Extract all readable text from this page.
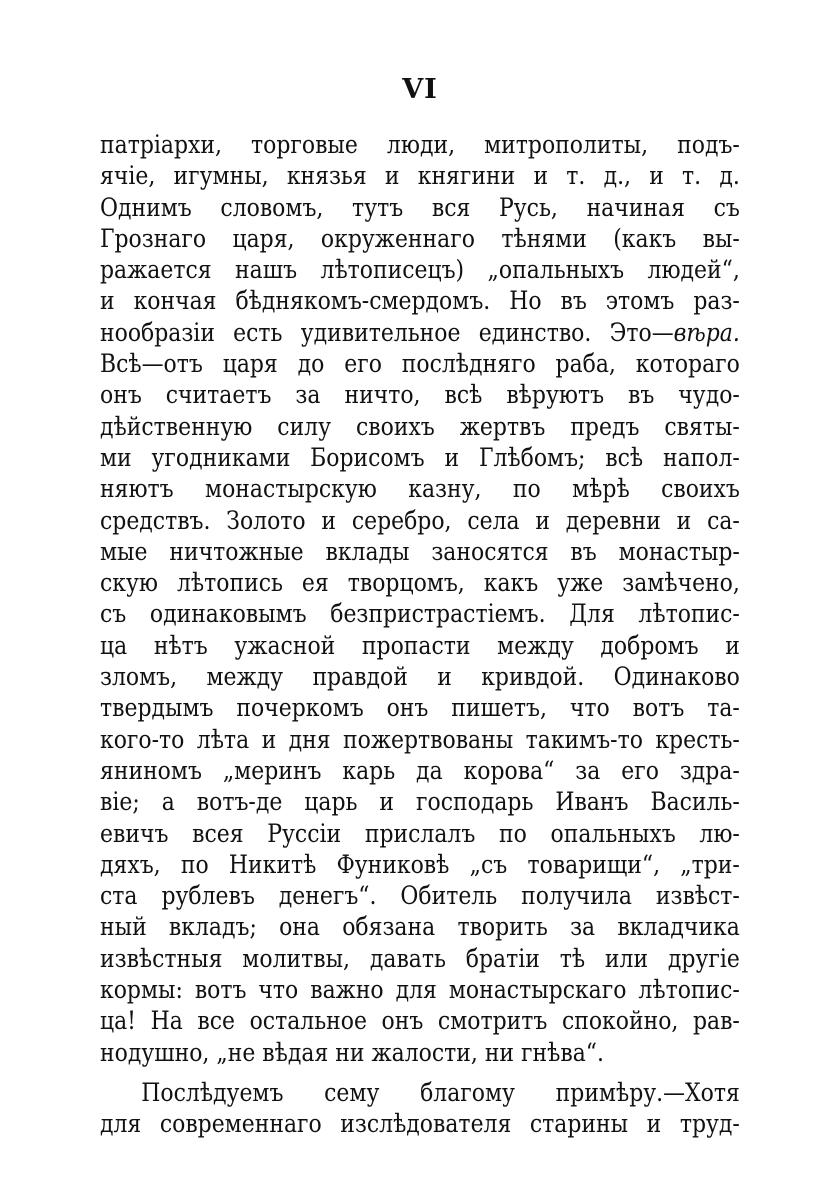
VI
патріархи, торговые люди, митрополиты, подъ-
ячіе, игумны, князья и княгини и т. д., и т. д.
Однимъ словомъ, тутъ вся Русь, начиная съ
Грознаго царя, окруженнаго тѣнями (какъ вы-
ражается нашъ лѣтописецъ) „опальныхъ людей“,
и кончая бѣднякомъ-смердомъ. Но въ этомъ раз-
нообразіи есть удивительное единство. Это—вѣра.
Всѣ—отъ царя до его послѣдняго раба, котораго
онъ считаетъ за ничто, всѣ вѣруютъ въ чудо-
дѣйственную силу своихъ жертвъ предъ святы-
ми угодниками Борисомъ и Глѣбомъ; всѣ напол-
няютъ монастырскую казну, по мѣрѣ своихъ
средствъ. Золото и серебро, села и деревни и са-
мые ничтожные вклады заносятся въ монастыр-
скую лѣтопись ея творцомъ, какъ уже замѣчено,
съ одинаковымъ безпристрастіемъ. Для лѣтопис-
ца нѣтъ ужасной пропасти между добромъ и
зломъ, между правдой и кривдой. Одинаково
твердымъ почеркомъ онъ пишетъ, что вотъ та-
кого-то лѣта и дня пожертвованы такимъ-то кресть-
яниномъ „меринъ карь да корова“ за его здра-
віе; а вотъ-де царь и господарь Иванъ Василь-
евичъ всея Руссіи прислалъ по опальныхъ лю-
дяхъ, по Никитѣ Фуниковѣ „съ товарищи“, „три-
ста рублевъ денегъ“. Обитель получила извѣст-
ный вкладъ; она обязана творить за вкладчика
извѣстныя молитвы, давать братіи тѣ или другіе
кормы: вотъ что важно для монастырскаго лѣтопис-
ца! На все остальное онъ смотритъ спокойно, рав-
нодушно, „не вѣдая ни жалости, ни гнѣва“.
Послѣдуемъ сему благому примѣру.—Хотя
для современнаго изслѣдователя старины и труд-
